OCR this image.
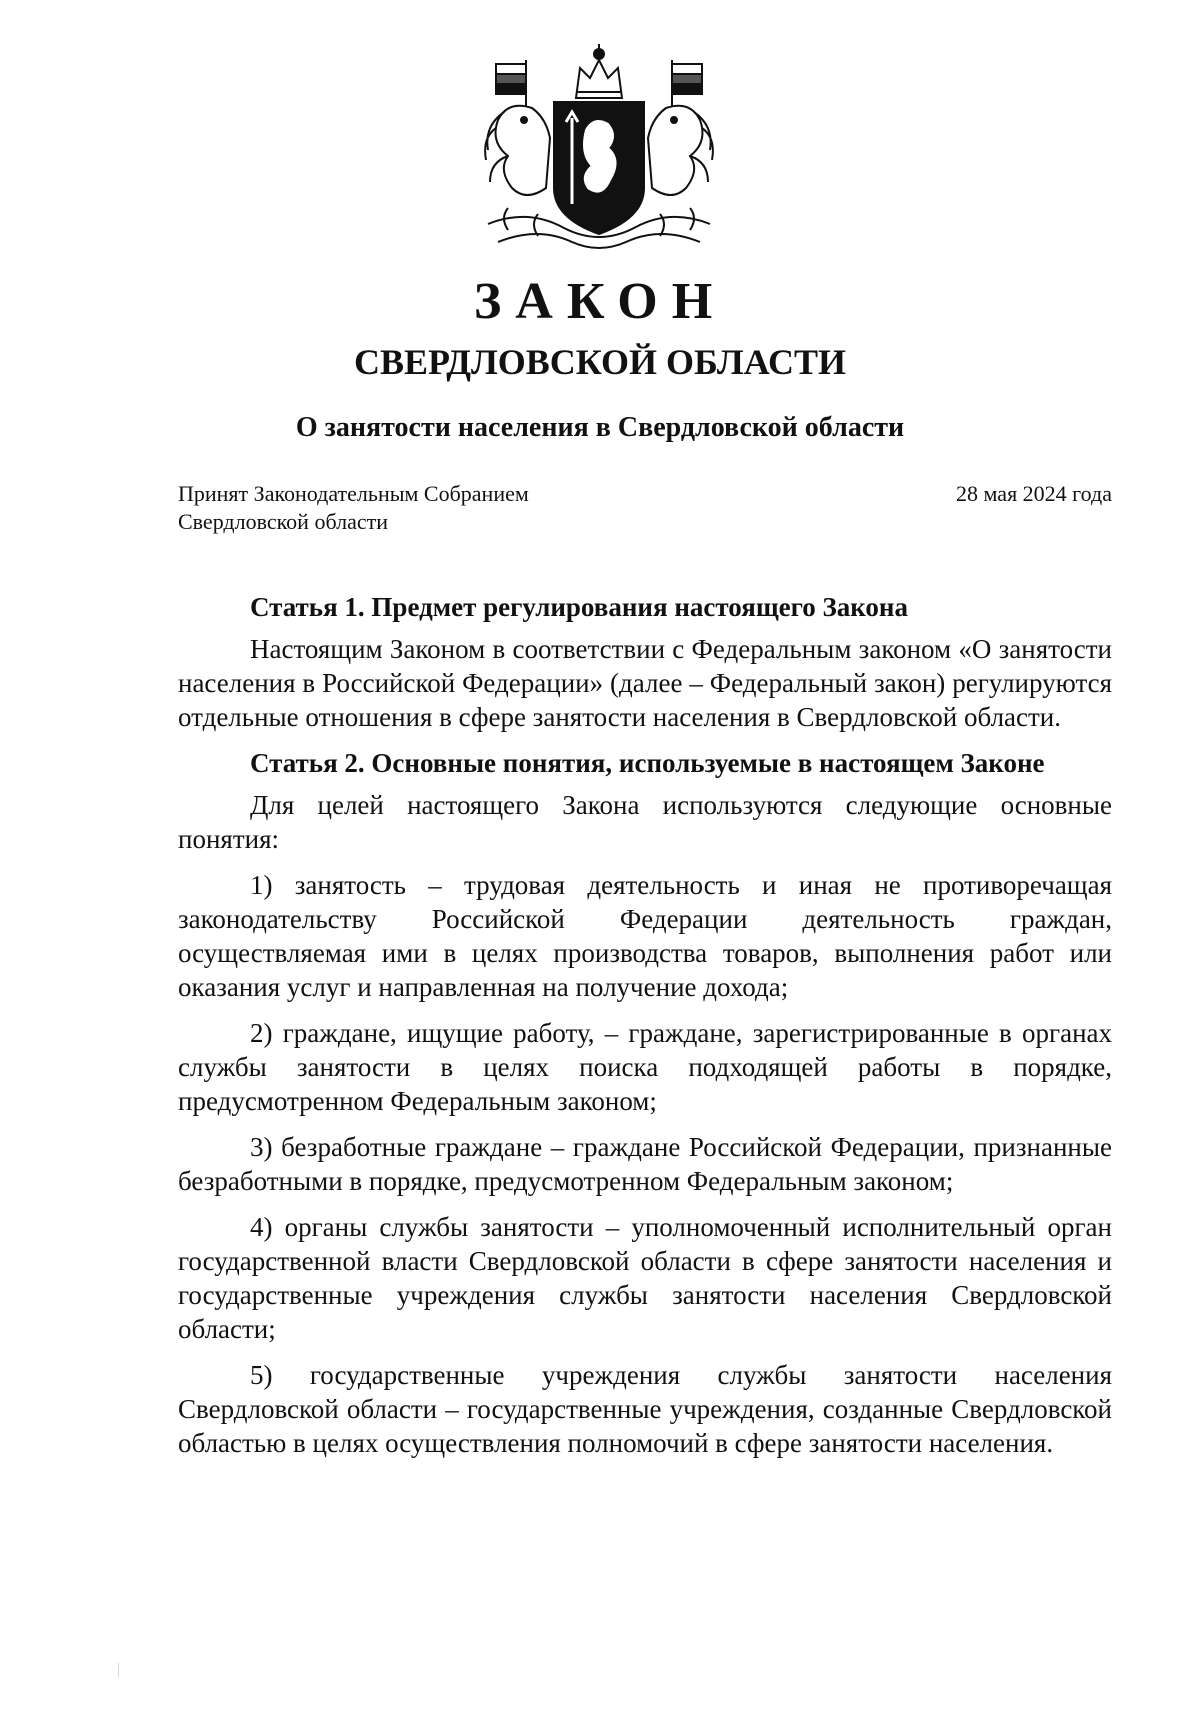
ЗАКОН
СВЕРДЛОВСКОЙ ОБЛАСТИ
О занятости населения в Свердловской области
Принят Законодательным Собранием
Свердловской области
28 мая 2024 года

Статья 1. Предмет регулирования настоящего Закона

Настоящим Законом в соответствии с Федеральным законом «О занятости населения в Российской Федерации» (далее – Федеральный закон) регулируются отдельные отношения в сфере занятости населения в Свердловской области.

Статья 2. Основные понятия, используемые в настоящем Законе

Для целей настоящего Закона используются следующие основные понятия:

1) занятость – трудовая деятельность и иная не противоречащая законодательству Российской Федерации деятельность граждан, осуществляемая ими в целях производства товаров, выполнения работ или оказания услуг и направленная на получение дохода;

2) граждане, ищущие работу, – граждане, зарегистрированные в органах службы занятости в целях поиска подходящей работы в порядке, предусмотренном Федеральным законом;

3) безработные граждане – граждане Российской Федерации, признанные безработными в порядке, предусмотренном Федеральным законом;

4) органы службы занятости – уполномоченный исполнительный орган государственной власти Свердловской области в сфере занятости населения и государственные учреждения службы занятости населения Свердловской области;

5) государственные учреждения службы занятости населения Свердловской области – государственные учреждения, созданные Свердловской областью в целях осуществления полномочий в сфере занятости населения.
